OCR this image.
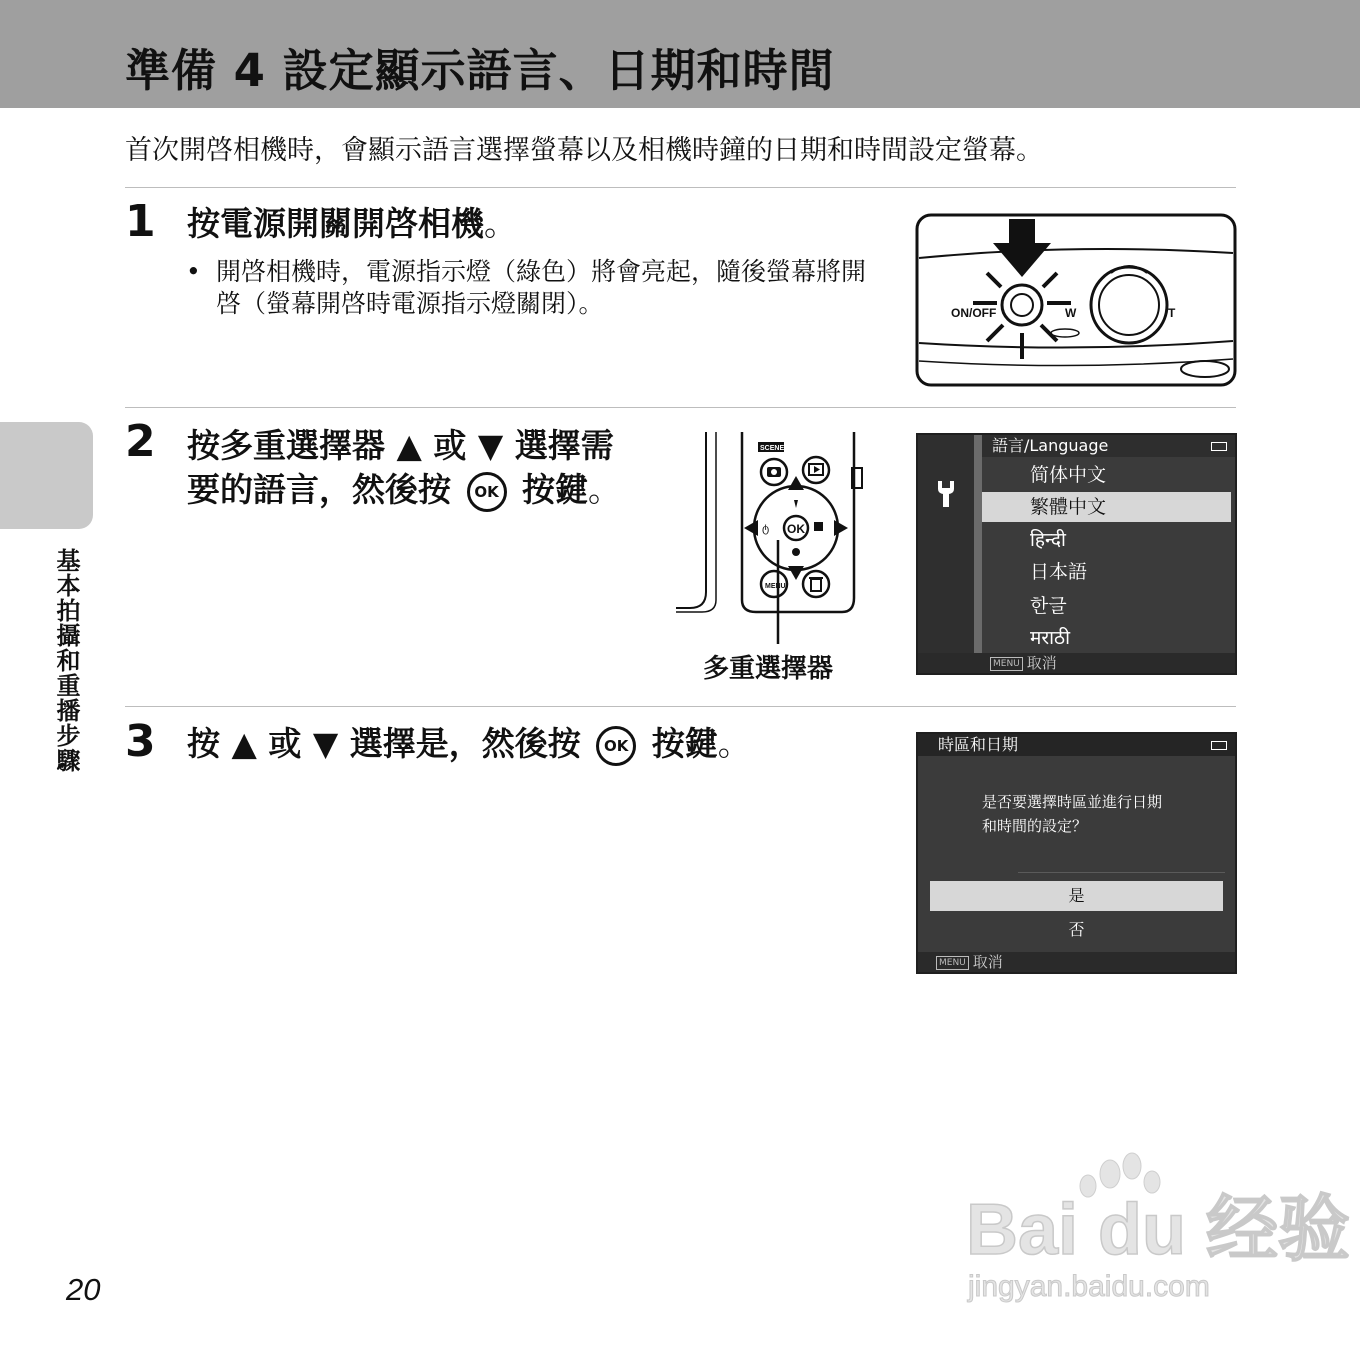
準備 4 設定顯示語言、日期和時間
首次開啓相機時，會顯示語言選擇螢幕以及相機時鐘的日期和時間設定螢幕。
1 按電源開關開啓相機。
• 開啓相機時，電源指示燈（綠色）將會亮起，隨後螢幕將開啓（螢幕開啓時電源指示燈關閉）。	ON/OFF	W	T
2 按多重選擇器 ▲ 或 ▼ 選擇需
要的語言，然後按 OK 按鍵。
SCENE
OK
ტ
MENU
多重選擇器
語言/Language
简体中文
繁體中文
हिन्दी
日本語
한글
मराठी
MENU 取消
3 按 ▲ 或 ▼ 選擇是，然後按 OK 按鍵。	時區和日期
是否要選擇時區並進行日期
和時間的設定？
是
否
MENU 取消
基本拍攝和重播步驟
20
Bai du 经验
jingyan.baidu.com
